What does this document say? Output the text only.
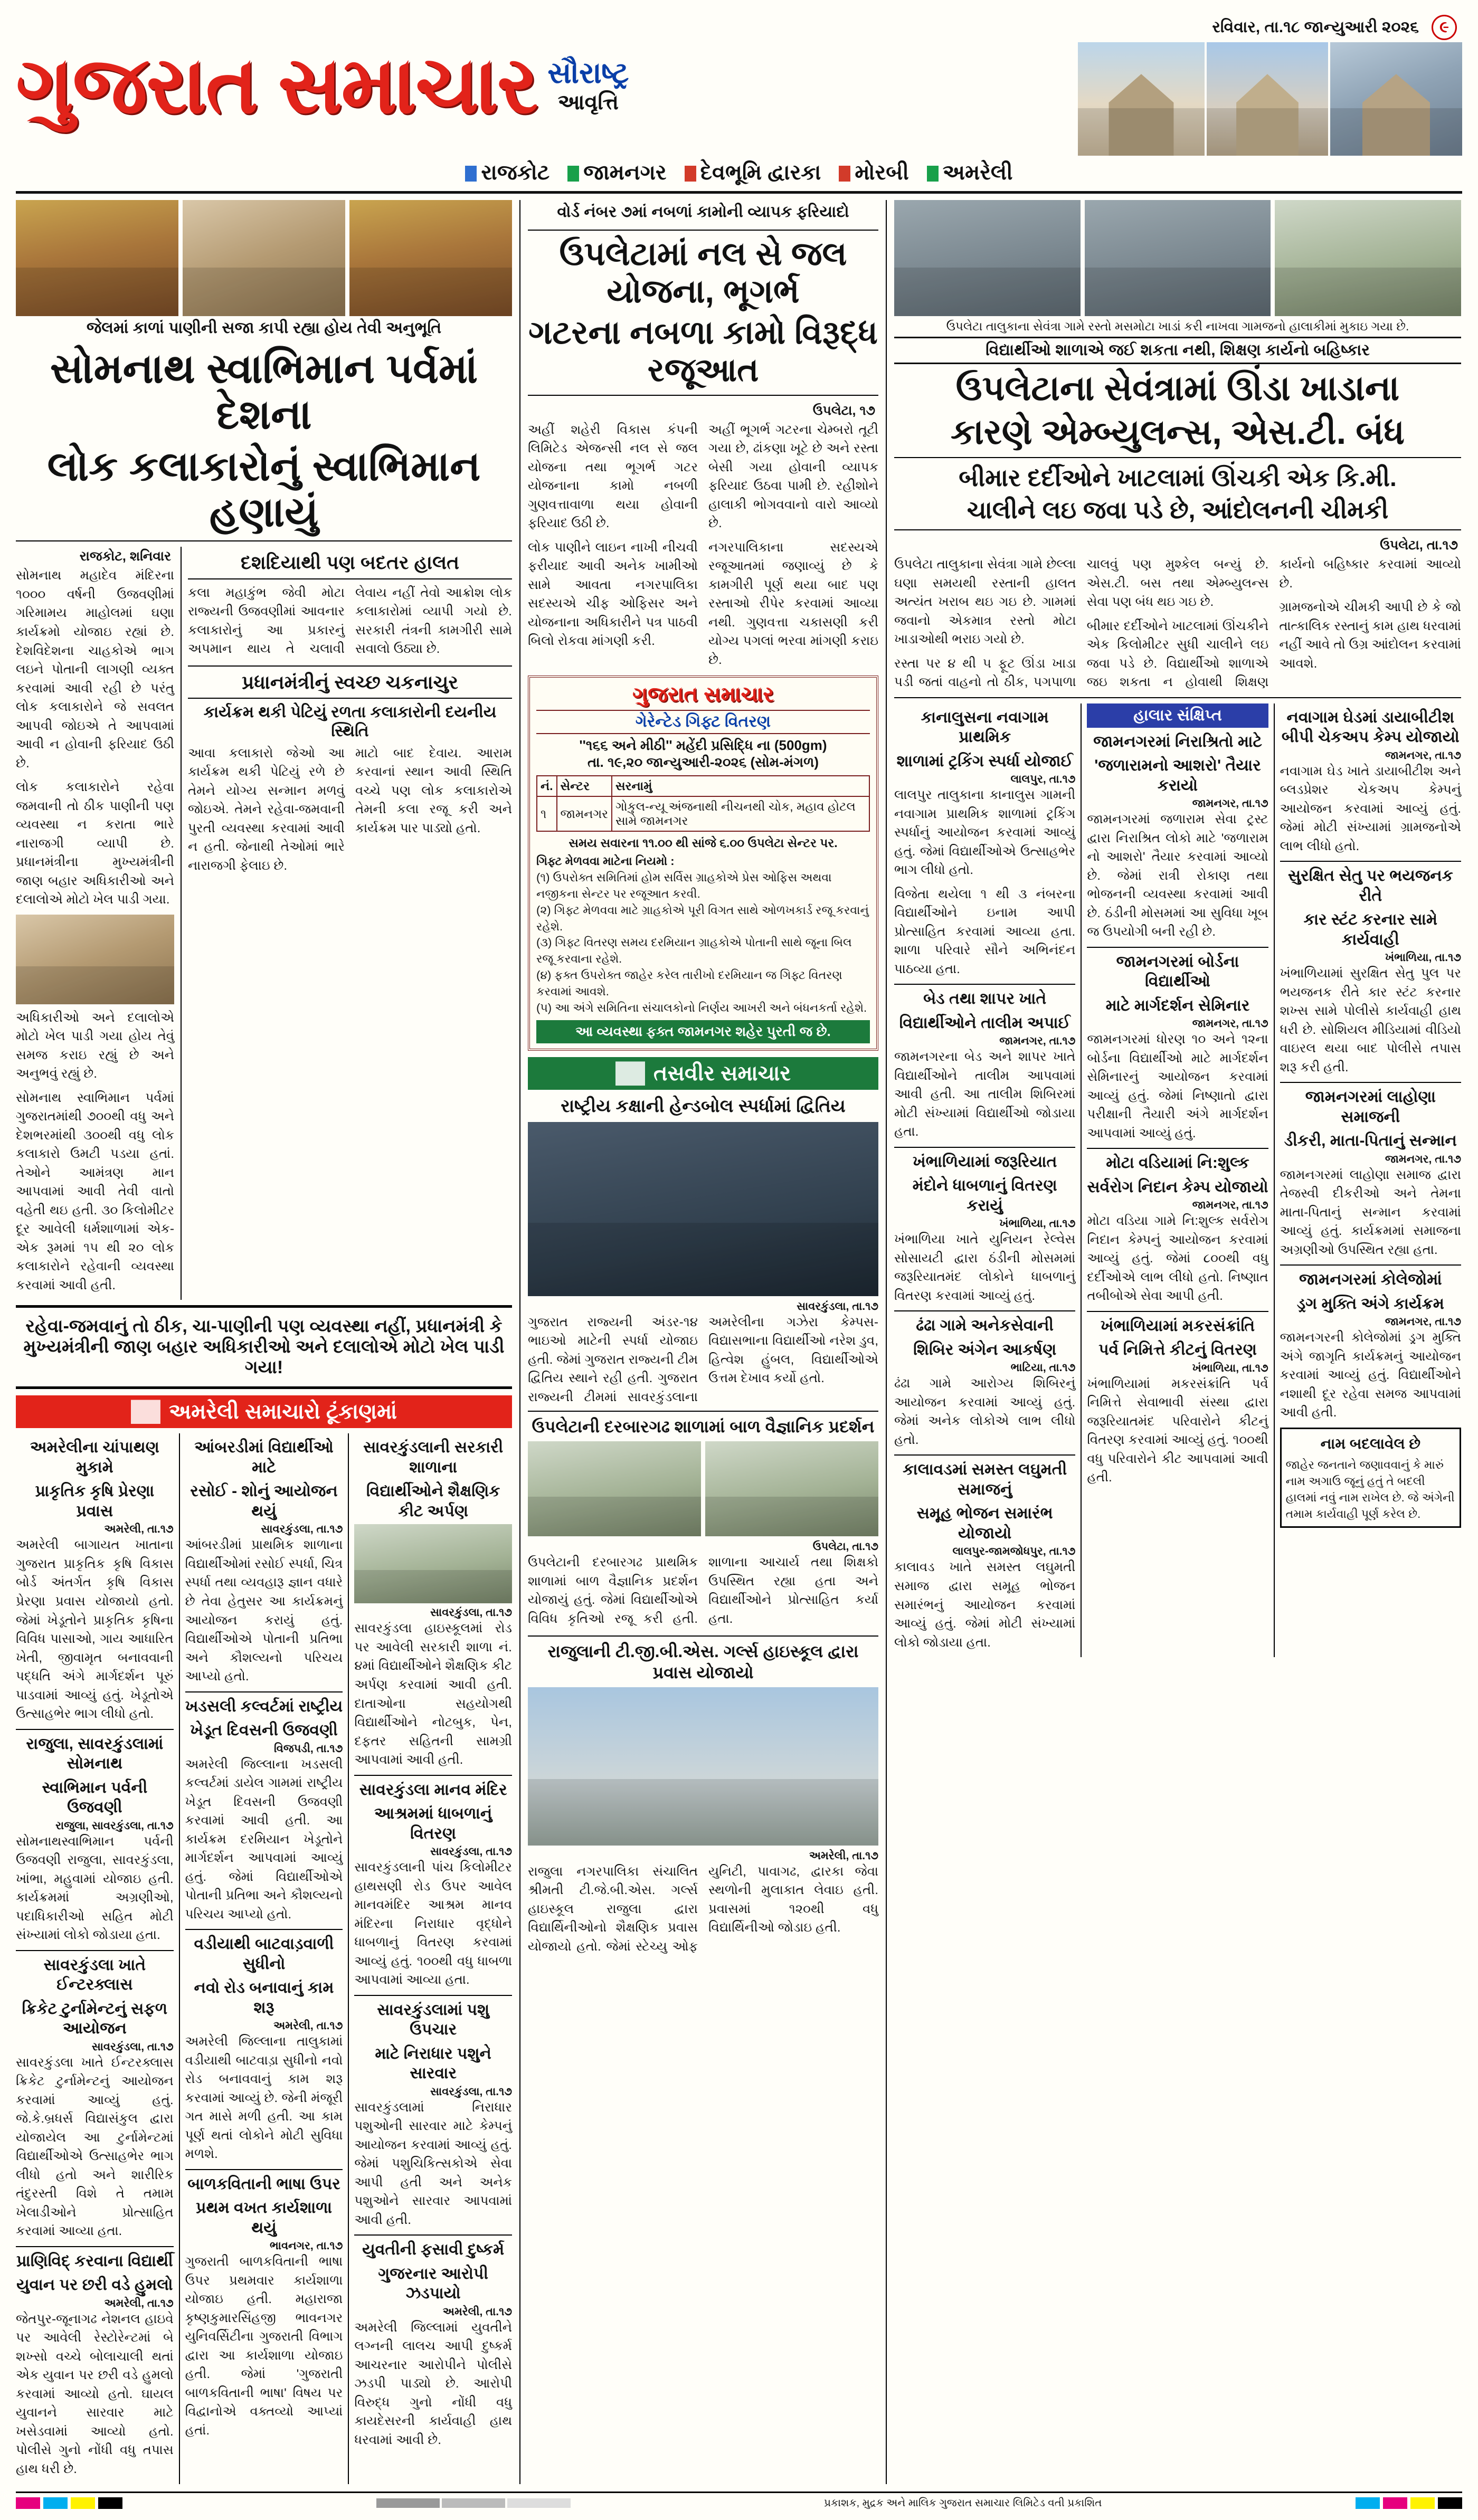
રવિવાર, તા.૧૮ જાન્યુઆરી ૨૦૨૬	૯
ગુજરાત સમાચાર સૌરાષ્ટ્ર
આવૃત્તિ
રાજકોટ	જામનગર	દેવભૂમિ દ્વારકા	મોરબી	અમરેલી
જેલમાં કાળાં પાણીની સજા કાપી રહ્યા હોય તેવી અનુભૂતિ
સોમનાથ સ્વાભિમાન પર્વમાં દેશના
લોક કલાકારોનું સ્વાભિમાન હણાયું
રાજકોટ, શનિવાર

સોમનાથ મહાદેવ મંદિરના ૧૦૦૦ વર્ષની ઉજવણીમાં ગરિમામય માહોલમાં ઘણા કાર્યક્રમો યોજાઇ રહ્યાં છે. દેશવિદેશના ચાહકોએ ભાગ લઇને પોતાની લાગણી વ્યક્ત કરવામાં આવી રહી છે પરંતુ લોક કલાકારોને જે સવલત આપવી જોઇએ તે આપવામાં આવી ન હોવાની ફરિયાદ ઉઠી છે.

લોક કલાકારોને રહેવા જમવાની તો ઠીક પાણીની પણ વ્યવસ્થા ન કરાતા ભારે નારાજગી વ્યાપી છે. પ્રધાનમંત્રીના મુખ્યમંત્રીની જાણ બહાર અધિકારીઓ અને દલાલોએ મોટો ખેલ પાડી ગયા.

અધિકારીઓ અને દલાલોએ મોટો ખેલ પાડી ગયા હોય તેવું સમજ કરાઇ રહ્યું છે અને અનુભવું રહ્યું છે.

સોમનાથ સ્વાભિમાન પર્વમાં ગુજરાતમાંથી ૭૦૦થી વધુ અને દેશભરમાંથી ૩૦૦થી વધુ લોક કલાકારો ઉમટી પડયા હતાં. તેઓને આમંત્રણ માન આપવામાં આવી તેવી વાતો વહેતી થઇ હતી. ૩૦ કિલોમીટર દૂર આવેલી ધર્મશાળામાં એક-એક રૂમમાં ૧૫ થી ૨૦ લોક કલાકારોને રહેવાની વ્યવસ્થા કરવામાં આવી હતી.

દશદિયાથી પણ બદતર હાલત

કલા મહાકુંભ જેવી મોટા રાજ્યની ઉજવણીમાં આવનાર કલાકારોનું આ પ્રકારનું અપમાન થાય તે ચલાવી લેવાય નહીં તેવો આક્રોશ લોક કલાકારોમાં વ્યાપી ગયો છે. સરકારી તંત્રની કામગીરી સામે સવાલો ઉઠ્યા છે.

પ્રધાનમંત્રીનું સ્વચ્છ ચકનાચુર
કાર્યક્રમ થકી પેટિયું રળતા કલાકારોની દયનીય સ્થિતિ

આવા કલાકારો જેઓ આ કાર્યક્રમ થકી પેટિયું રળે છે તેમને યોગ્ય સન્માન મળવું જોઇએ. તેમને રહેવા-જમવાની પુરતી વ્યવસ્થા કરવામાં આવી ન હતી. જેનાથી તેઓમાં ભારે નારાજગી ફેલાઇ છે.

માટો બાદ દેવાય. આરામ કરવાનાં સ્થાન આવી સ્થિતિ વચ્ચે પણ લોક કલાકારોએ તેમની કલા રજૂ કરી અને કાર્યક્રમ પાર પાડ્યો હતો.

રહેવા-જમવાનું તો ઠીક, ચા-પાણીની પણ વ્યવસ્થા નહીં, પ્રધાનમંત્રી કે મુખ્યમંત્રીની જાણ બહાર અધિકારીઓ અને દલાલોએ મોટો ખેલ પાડી ગયા!
અમરેલી સમાચારો ટૂંકાણમાં
અમરેલીના ચાંપાથણ મુકામે
પ્રાકૃતિક કૃષિ પ્રેરણા પ્રવાસ
અમરેલી, તા.૧૭

અમરેલી બાગાયત ખાતાના ગુજરાત પ્રાકૃતિક કૃષિ વિકાસ બોર્ડ અંતર્ગત કૃષિ વિકાસ પ્રેરણા પ્રવાસ યોજાયો હતો. જેમાં ખેડૂતોને પ્રાકૃતિક કૃષિના વિવિધ પાસાઓ, ગાય આધારિત ખેતી, જીવામૃત બનાવવાની પદ્ધતિ અંગે માર્ગદર્શન પૂરું પાડવામાં આવ્યું હતું. ખેડૂતોએ ઉત્સાહભેર ભાગ લીધો હતો.

રાજુલા, સાવરકુંડલામાં સોમનાથ
સ્વાભિમાન પર્વની ઉજવણી
રાજુલા, સાવરકુંડલા, તા.૧૭

સોમનાથસ્વાભિમાન પર્વની ઉજવણી રાજુલા, સાવરકુંડલા, ખાંભા, મહુવામાં યોજાઇ હતી. કાર્યક્રમમાં અગ્રણીઓ, પદાધિકારીઓ સહિત મોટી સંખ્યામાં લોકો જોડાયા હતા.

સાવરકુંડલા ખાતે ઈન્ટરક્લાસ
ક્રિકેટ ટુર્નામેન્ટનું સફળ આયોજન
સાવરકુંડલા, તા.૧૭

સાવરકુંડલા ખાતે ઈન્ટરક્લાસ ક્રિકેટ ટુર્નામેન્ટનું આયોજન કરવામાં આવ્યું હતું. જે.કે.બ્રધર્સ વિદ્યાસંકુલ દ્વારા યોજાયેલ આ ટુર્નામેન્ટમાં વિદ્યાર્થીઓએ ઉત્સાહભેર ભાગ લીધો હતો અને શારીરિક તંદુરસ્તી વિશે તે તમામ ખેલાડીઓને પ્રોત્સાહિત કરવામાં આવ્યા હતા.

પ્રાણિવિદ્ કરવાના વિદ્યાર્થી
યુવાન પર છરી વડે હુમલો
અમરેલી, તા.૧૭

જેતપુર-જૂનાગઢ નેશનલ હાઇવે પર આવેલી રેસ્ટોરેન્ટમાં બે શખ્સો વચ્ચે બોલાચાલી થતાં એક યુવાન પર છરી વડે હુમલો કરવામાં આવ્યો હતો. ઘાયલ યુવાનને સારવાર માટે ખસેડવામાં આવ્યો હતો. પોલીસે ગુનો નોંધી વધુ તપાસ હાથ ધરી છે.

આંબરડીમાં વિદ્યાર્થીઓ માટે
રસોઈ - શોનું આયોજન થયું
સાવરકુંડલા, તા.૧૭

આંબરડીમાં પ્રાથમિક શાળાના વિદ્યાર્થીઓમાં રસોઈ સ્પર્ધા, ચિત્ર સ્પર્ધા તથા વ્યવહારૂ જ્ઞાન વધારે છે તેવા હેતુસર આ કાર્યક્રમનું આયોજન કરાયું હતું. વિદ્યાર્થીઓએ પોતાની પ્રતિભા અને કૌશલ્યનો પરિચય આપ્યો હતો.

ખડસલી કલ્વર્ટમાં રાષ્ટ્રીય
ખેડૂત દિવસની ઉજવણી
વિજપડી, તા.૧૭

અમરેલી જિલ્લાના ખડસલી કલ્વર્ટમાં ડાયેલ ગામમાં રાષ્ટ્રીય ખેડૂત દિવસની ઉજવણી કરવામાં આવી હતી. આ કાર્યક્રમ દરમિયાન ખેડૂતોને માર્ગદર્શન આપવામાં આવ્યું હતું. જેમાં વિદ્યાર્થીઓએ પોતાની પ્રતિભા અને કૌશલ્યનો પરિચય આપ્યો હતો.

વડીયાથી બાટવાડ઼વાળી સુધીનો
નવો રોડ બનાવાનું કામ શરૂ
અમરેલી, તા.૧૭

અમરેલી જિલ્લાના તાલુકામાં વડીયાથી બાટવાડ઼ા સુધીનો નવો રોડ બનાવવાનું કામ શરૂ કરવામાં આવ્યું છે. જેની મંજૂરી ગત માસે મળી હતી. આ કામ પૂર્ણ થતાં લોકોને મોટી સુવિધા મળશે.

બાળકવિતાની ભાષા ઉપર
પ્રથમ વખત કાર્યશાળા થયું
ભાવનગર, તા.૧૭

ગુજરાતી બાળકવિતાની ભાષા ઉપર પ્રથમવાર કાર્યશાળા યોજાઇ હતી. મહારાજા કૃષ્ણકુમારસિંહજી ભાવનગર યુનિવર્સિટીના ગુજરાતી વિભાગ દ્વારા આ કાર્યશાળા યોજાઇ હતી. જેમાં 'ગુજરાતી બાળકવિતાની ભાષા' વિષય પર વિદ્વાનોએ વક્તવ્યો આપ્યાં હતાં.

સાવરકુંડલાની સરકારી શાળાના
વિદ્યાર્થીઓને શૈક્ષણિક કીટ અર્પણ
સાવરકુંડલા, તા.૧૭

સાવરકુંડલા હાઇસ્કૂલમાં રોડ પર આવેલી સરકારી શાળા નં. ૪માં વિદ્યાર્થીઓને શૈક્ષણિક કીટ અર્પણ કરવામાં આવી હતી. દાતાઓના સહયોગથી વિદ્યાર્થીઓને નોટબુક, પેન, દફતર સહિતની સામગ્રી આપવામાં આવી હતી.

સાવરકુંડલા માનવ મંદિર
આશ્રમમાં ધાબળાનું વિતરણ
સાવરકુંડલા, તા.૧૭

સાવરકુંડલાની પાંચ કિલોમીટર હાથસણી રોડ ઉપર આવેલ માનવમંદિર આશ્રમ માનવ મંદિરના નિરાધાર વૃદ્ધોને ધાબળાનું વિતરણ કરવામાં આવ્યું હતું. ૧૦૦થી વધુ ધાબળા આપવામાં આવ્યા હતા.

સાવરકુંડલામાં પશુ ઉપચાર
માટે નિરાધાર પશુને સારવાર
સાવરકુંડલા, તા.૧૭

સાવરકુંડલામાં નિરાધાર પશુઓની સારવાર માટે કેમ્પનું આયોજન કરવામાં આવ્યું હતું. જેમાં પશુચિકિત્સકોએ સેવા આપી હતી અને અનેક પશુઓને સારવાર આપવામાં આવી હતી.

યુવતીની ફસાવી દુષ્કર્મ
ગુજરનાર આરોપી ઝડપાયો
અમરેલી, તા.૧૭

અમરેલી જિલ્લામાં યુવતીને લગ્નની લાલચ આપી દુષ્કર્મ આચરનાર આરોપીને પોલીસે ઝડપી પાડ્યો છે. આરોપી વિરુદ્ધ ગુનો નોંધી વધુ કાયદેસરની કાર્યવાહી હાથ ધરવામાં આવી છે.

વોર્ડ નંબર ૭માં નબળાં કામોની વ્યાપક ફરિયાદો
ઉપલેટામાં નલ સે જલ યોજના, ભૂગર્ભ
ગટરના નબળા કામો વિરૂદ્ધ રજૂઆત
ઉપલેટા, ૧૭

અહીં શહેરી વિકાસ કંપની લિમિટેડ એજન્સી નલ સે જલ યોજના તથા ભૂગર્ભ ગટર યોજનાના કામો નબળી ગુણવત્તાવાળા થયા હોવાની ફરિયાદ ઉઠી છે.

લોક પાણીને લાઇન નાખી નીચવી ફરીયાદ આવી અનેક ખામીઓ સામે આવતા નગરપાલિકા સદસ્યએ ચીફ ઓફિસર અને યોજનાના અધિકારીને પત્ર પાઠવી બિલો રોકવા માંગણી કરી.

અહીં ભૂગર્ભ ગટરના ચેમ્બરો તૂટી ગયા છે, ઢાંકણા ખૂટે છે અને રસ્તા બેસી ગયા હોવાની વ્યાપક ફરિયાદ ઉઠવા પામી છે. રહીશોને હાલાકી ભોગવવાનો વારો આવ્યો છે.

નગરપાલિકાના સદસ્યએ રજૂઆતમાં જણાવ્યું છે કે કામગીરી પૂર્ણ થયા બાદ પણ રસ્તાઓ રીપેર કરવામાં આવ્યા નથી. ગુણવત્તા ચકાસણી કરી યોગ્ય પગલાં ભરવા માંગણી કરાઇ છે.

ગુજરાત સમાચાર
ગેરેન્ટેડ ગિફ્ટ વિતરણ
''૧૬૬ અને મીઠી'' મહેંદી પ્રસિદ્ધિ ના (500gm)
તા. ૧૯,૨૦ જાન્યુઆરી-૨૦૨૬ (સોમ-મંગળ)
નં.	સેન્ટર	સરનામું
૧	જામનગર	ગોકુલ-ન્યૂ અંજનાથી નીચનથી ચોક, મહાવ હોટલ સામે જામનગર
સમય સવારના ૧૧.૦૦ થી સાંજે ૬.૦૦ ઉપલેટા સેન્ટર પર.
ગિફ્ટ મેળવવા માટેના નિયમો :
(૧) ઉપરોક્ત સમિતિમાં હોમ સર્વિસ ગ્રાહકોએ પ્રેસ ઓફિસ અથવા નજીકના સેન્ટર પર રજૂઆત કરવી.
(૨) ગિફ્ટ મેળવવા માટે ગ્રાહકોએ પૂરી વિગત સાથે ઓળખકાર્ડ રજૂ કરવાનું રહેશે.
(૩) ગિફ્ટ વિતરણ સમય દરમિયાન ગ્રાહકોએ પોતાની સાથે જૂના બિલ રજૂ કરવાના રહેશે.
(૪) ફક્ત ઉપરોક્ત જાહેર કરેલ તારીખો દરમિયાન જ ગિફ્ટ વિતરણ કરવામાં આવશે.
(૫) આ અંગે સમિતિના સંચાલકોનો નિર્ણય આખરી અને બંધનકર્તા રહેશે.
આ વ્યવસ્થા ફક્ત જામનગર શહેર પુરતી જ છે.
તસવીર સમાચાર
રાષ્ટ્રીય કક્ષાની હેન્ડબોલ સ્પર્ધામાં દ્વિતિય
સાવરકુંડલા, તા.૧૭

ગુજરાત રાજ્યની અંડર-૧૪ ભાઇઓ માટેની સ્પર્ધા યોજાઇ હતી. જેમાં ગુજરાત રાજ્યની ટીમ દ્વિતિય સ્થાને રહી હતી. ગુજરાત રાજ્યની ટીમમાં સાવરકુંડલાના અમરેલીના ગઝેરા કેમ્પસ-વિદ્યાસભાના વિદ્યાર્થીઓ નરેશ ડુવ, હિત્વેશ હુંબલ, વિદ્યાર્થીઓએ ઉત્તમ દેખાવ કર્યો હતો.

ઉપલેટાની દરબારગઢ શાળામાં બાળ વૈજ્ઞાનિક પ્રદર્શન
ઉપલેટા, તા.૧૭

ઉપલેટાની દરબારગઢ પ્રાથમિક શાળામાં બાળ વૈજ્ઞાનિક પ્રદર્શન યોજાયું હતું. જેમાં વિદ્યાર્થીઓએ વિવિધ કૃતિઓ રજૂ કરી હતી. શાળાના આચાર્ય તથા શિક્ષકો ઉપસ્થિત રહ્યા હતા અને વિદ્યાર્થીઓને પ્રોત્સાહિત કર્યા હતા.

રાજુલાની ટી.જી.બી.એસ. ગર્લ્સ હાઇસ્કૂલ દ્વારા પ્રવાસ યોજાયો
અમરેલી, તા.૧૭

રાજુલા નગરપાલિકા સંચાલિત શ્રીમતી ટી.જે.બી.એસ. ગર્લ્સ હાઇસ્કૂલ રાજુલા દ્વારા વિદ્યાર્થિનીઓનો શૈક્ષણિક પ્રવાસ યોજાયો હતો. જેમાં સ્ટેચ્યુ ઓફ યુનિટી, પાવાગઢ, દ્વારકા જેવા સ્થળોની મુલાકાત લેવાઇ હતી. પ્રવાસમાં ૧૨૦થી વધુ વિદ્યાર્થિનીઓ જોડાઇ હતી.

ઉપલેટા તાલુકાના સેવંત્રા ગામે રસ્તો મસમોટા ખાડાં કરી નાખવા ગામજનો હાલાકીમાં મુકાઇ ગયા છે.
વિદ્યાર્થીઓ શાળાએ જઈ શકતા નથી, શિક્ષણ કાર્યનો બહિષ્કાર
ઉપલેટાના સેવંત્રામાં ઊંડા ખાડાના
કારણે એમ્બ્યુલન્સ, એસ.ટી. બંધ
બીમાર દર્દીઓને ખાટલામાં ઊંચકી એક કિ.મી.
ચાલીને લઇ જવા પડે છે, આંદોલનની ચીમકી
ઉપલેટા, તા.૧૭

ઉપલેટા તાલુકાના સેવંત્રા ગામે છેલ્લા ઘણા સમયથી રસ્તાની હાલત અત્યંત ખરાબ થઇ ગઇ છે. ગામમાં જવાનો એકમાત્ર રસ્તો મોટા ખાડાઓથી ભરાઇ ગયો છે.

રસ્તા પર ૪ થી ૫ ફૂટ ઊંડા ખાડા પડી જતાં વાહનો તો ઠીક, પગપાળા ચાલવું પણ મુશ્કેલ બન્યું છે. એસ.ટી. બસ તથા એમ્બ્યુલન્સ સેવા પણ બંધ થઇ ગઇ છે.

બીમાર દર્દીઓને ખાટલામાં ઊંચકીને એક કિલોમીટર સુધી ચાલીને લઇ જવા પડે છે. વિદ્યાર્થીઓ શાળાએ જઇ શકતા ન હોવાથી શિક્ષણ કાર્યનો બહિષ્કાર કરવામાં આવ્યો છે.

ગ્રામજનોએ ચીમકી આપી છે કે જો તાત્કાલિક રસ્તાનું કામ હાથ ધરવામાં નહીં આવે તો ઉગ્ર આંદોલન કરવામાં આવશે.

કાનાલુસના નવાગામ પ્રાથમિક
શાળામાં ટ્રકિંગ સ્પર્ધા યોજાઈ
લાલપુર, તા.૧૭

લાલપુર તાલુકાના કાનાલુસ ગામની નવાગામ પ્રાથમિક શાળામાં ટ્રકિંગ સ્પર્ધાનું આયોજન કરવામાં આવ્યું હતું. જેમાં વિદ્યાર્થીઓએ ઉત્સાહભેર ભાગ લીધો હતો.

વિજેતા થયેલા ૧ થી ૩ નંબરના વિદ્યાર્થીઓને ઇનામ આપી પ્રોત્સાહિત કરવામાં આવ્યા હતા. શાળા પરિવારે સૌને અભિનંદન પાઠવ્યા હતા.

બેડ તથા શાપર ખાતે
વિદ્યાર્થીઓને તાલીમ અપાઈ
જામનગર, તા.૧૭

જામનગરના બેડ અને શાપર ખાતે વિદ્યાર્થીઓને તાલીમ આપવામાં આવી હતી. આ તાલીમ શિબિરમાં મોટી સંખ્યામાં વિદ્યાર્થીઓ જોડાયા હતા.

ખંભાળિયામાં જરૂરિયાત
મંદોને ધાબળાનું વિતરણ કરાયું
ખંભાળિયા, તા.૧૭

ખંભાળિયા ખાતે યુનિયન રેલ્વેસ સોસાયટી દ્વારા ઠંડીની મોસમમાં જરૂરિયાતમંદ લોકોને ધાબળાનું વિતરણ કરવામાં આવ્યું હતું.

ઢંઢા ગામે અનેકસેવાની
શિબિર અંગેન આકર્ષણ
ભાટિયા, તા.૧૭

ઢંઢા ગામે આરોગ્ય શિબિરનું આયોજન કરવામાં આવ્યું હતું. જેમાં અનેક લોકોએ લાભ લીધો હતો.

કાલાવડમાં સમસ્ત લઘુમતી સમાજનું
સમૂહ ભોજન સમારંભ યોજાયો
લાલપુર-જામજોધપુર, તા.૧૭

કાલાવડ ખાતે સમસ્ત લઘુમતી સમાજ દ્વારા સમૂહ ભોજન સમારંભનું આયોજન કરવામાં આવ્યું હતું. જેમાં મોટી સંખ્યામાં લોકો જોડાયા હતા.

હાલાર સંક્ષિપ્ત
જામનગરમાં નિરાશ્રિતો માટે
'જળારામનો આશરો' તૈયાર કરાયો
જામનગર, તા.૧૭

જામનગરમાં જળારામ સેવા ટ્રસ્ટ દ્વારા નિરાશ્રિત લોકો માટે 'જળારામ નો આશરો' તૈયાર કરવામાં આવ્યો છે. જેમાં રાત્રી રોકાણ તથા ભોજનની વ્યવસ્થા કરવામાં આવી છે. ઠંડીની મોસમમાં આ સુવિધા ખૂબ જ ઉપયોગી બની રહી છે.

જામનગરમાં બોર્ડના વિદ્યાર્થીઓ
માટે માર્ગદર્શન સેમિનાર
જામનગર, તા.૧૭

જામનગરમાં ધોરણ ૧૦ અને ૧૨ના બોર્ડના વિદ્યાર્થીઓ માટે માર્ગદર્શન સેમિનારનું આયોજન કરવામાં આવ્યું હતું. જેમાં નિષ્ણાતો દ્વારા પરીક્ષાની તૈયારી અંગે માર્ગદર્શન આપવામાં આવ્યું હતું.

મોટા વડિયામાં નિ:શુલ્ક
સર્વરોગ નિદાન કેમ્પ યોજાયો
જામનગર, તા.૧૭

મોટા વડિયા ગામે નિ:શુલ્ક સર્વરોગ નિદાન કેમ્પનું આયોજન કરવામાં આવ્યું હતું. જેમાં ૮૦૦થી વધુ દર્દીઓએ લાભ લીધો હતો. નિષ્ણાત તબીબોએ સેવા આપી હતી.

ખંભાળિયામાં મકરસંક્રાંતિ
પર્વ નિમિત્તે કીટનું વિતરણ
ખંભાળિયા, તા.૧૭

ખંભાળિયામાં મકરસંક્રાંતિ પર્વ નિમિત્તે સેવાભાવી સંસ્થા દ્વારા જરૂરિયાતમંદ પરિવારોને કીટનું વિતરણ કરવામાં આવ્યું હતું. ૧૦૦થી વધુ પરિવારોને કીટ આપવામાં આવી હતી.

નવાગામ ઘેડમાં ડાયાબીટીશ બીપી ચેકઅપ કેમ્પ યોજાયો
જામનગર, તા.૧૭

નવાગામ ઘેડ ખાતે ડાયાબીટીશ અને બ્લડપ્રેશર ચેકઅપ કેમ્પનું આયોજન કરવામાં આવ્યું હતું. જેમાં મોટી સંખ્યામાં ગ્રામજનોએ લાભ લીધો હતો.

સુરક્ષિત સેતુ પર ભયજનક રીતે
કાર સ્ટંટ કરનાર સામે કાર્યવાહી
ખંભાળિયા, તા.૧૭

ખંભાળિયામાં સુરક્ષિત સેતુ પુલ પર ભયજનક રીતે કાર સ્ટંટ કરનાર શખ્સ સામે પોલીસે કાર્યવાહી હાથ ધરી છે. સોશિયલ મીડિયામાં વીડિયો વાઇરલ થયા બાદ પોલીસે તપાસ શરૂ કરી હતી.

જામનગરમાં લાહોણા સમાજની
ડીકરી, માતા-પિતાનું સન્માન
જામનગર, તા.૧૭

જામનગરમાં લાહોણા સમાજ દ્વારા તેજસ્વી દીકરીઓ અને તેમના માતા-પિતાનું સન્માન કરવામાં આવ્યું હતું. કાર્યક્રમમાં સમાજના અગ્રણીઓ ઉપસ્થિત રહ્યા હતા.

જામનગરમાં કોલેજોમાં
ડ્રગ મુક્તિ અંગે કાર્યક્રમ
જામનગર, તા.૧૭

જામનગરની કોલેજોમાં ડ્રગ મુક્તિ અંગે જાગૃતિ કાર્યક્રમનું આયોજન કરવામાં આવ્યું હતું. વિદ્યાર્થીઓને નશાથી દૂર રહેવા સમજ આપવામાં આવી હતી.

નામ બદલાવેલ છે
જાહેર જનતાને જણાવવાનું કે મારું નામ અગાઉ જૂનું હતું તે બદલી હાલમાં નવું નામ રાખેલ છે. જે અંગેની તમામ કાર્યવાહી પૂર્ણ કરેલ છે.
પ્રકાશક, મુદ્રક અને માલિક ગુજરાત સમાચાર લિમિટેડ વતી પ્રકાશિત
